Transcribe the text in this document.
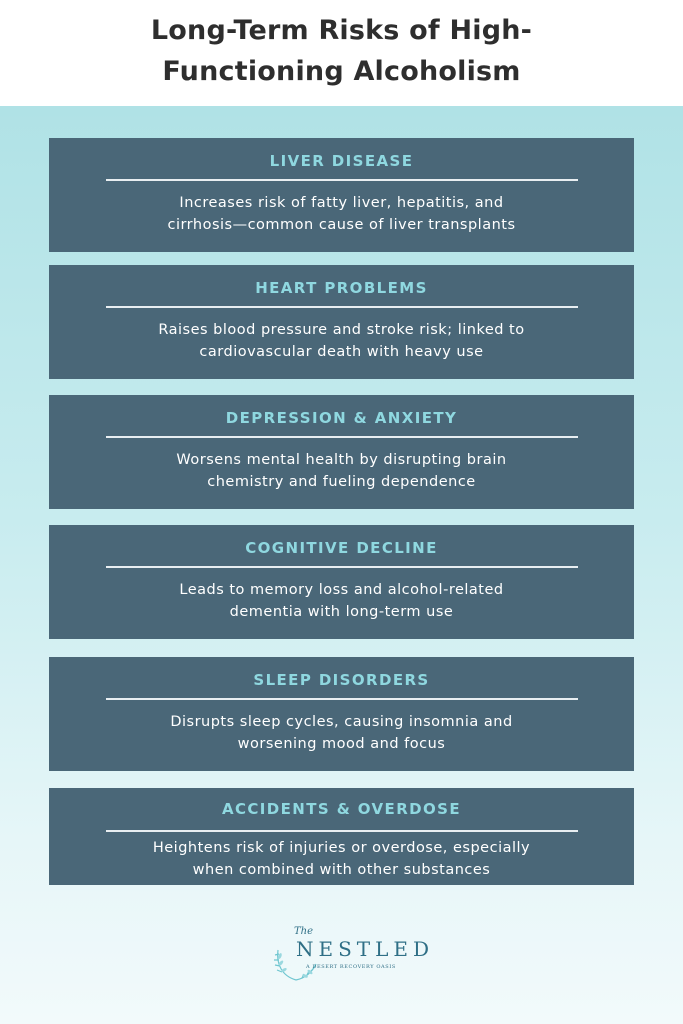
Long-Term Risks of High-
Functioning Alcoholism
LIVER DISEASE
Increases risk of fatty liver, hepatitis, and
cirrhosis—common cause of liver transplants
HEART PROBLEMS
Raises blood pressure and stroke risk; linked to
cardiovascular death with heavy use
DEPRESSION & ANXIETY
Worsens mental health by disrupting brain
chemistry and fueling dependence
COGNITIVE DECLINE
Leads to memory loss and alcohol-related
dementia with long-term use
SLEEP DISORDERS
Disrupts sleep cycles, causing insomnia and
worsening mood and focus
ACCIDENTS & OVERDOSE
Heightens risk of injuries or overdose, especially
when combined with other substances
The
NESTLED
A DESERT RECOVERY OASIS
